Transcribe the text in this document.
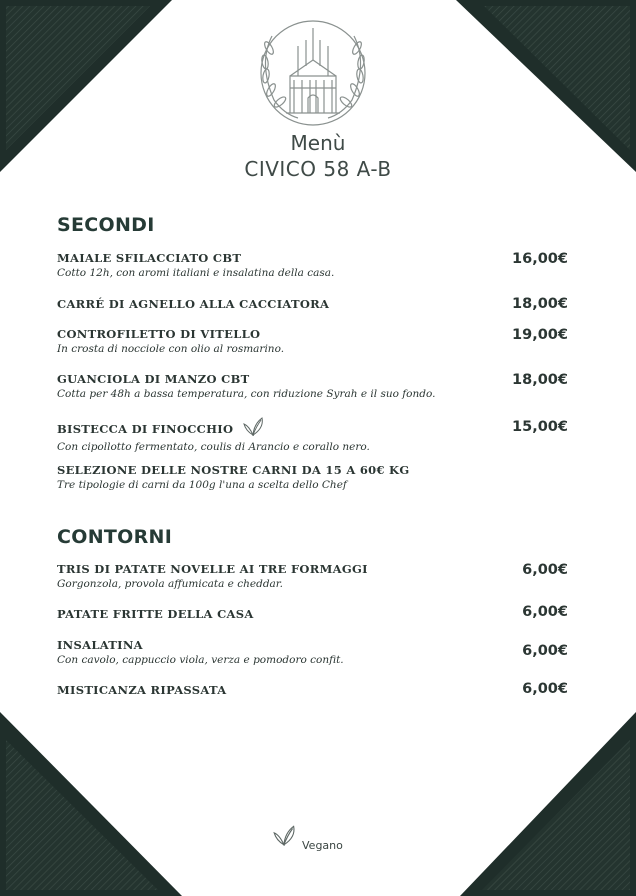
Menù
CIVICO 58 A-B
SECONDI
MAIALE SFILACCIATO CBT
Cotto 12h, con aromi italiani e insalatina della casa.
16,00€
CARRÉ DI AGNELLO ALLA CACCIATORA	18,00€
CONTROFILETTO DI VITELLO
In crosta di nocciole con olio al rosmarino.
19,00€
GUANCIOLA DI MANZO CBT
Cotta per 48h a bassa temperatura, con riduzione Syrah e il suo fondo.
18,00€
BISTECCA DI FINOCCHIO
Con cipollotto fermentato, coulis di Arancio e corallo nero.
15,00€
SELEZIONE DELLE NOSTRE CARNI DA 15 A 60€ KG
Tre tipologie di carni da 100g l'una a scelta dello Chef
CONTORNI
TRIS DI PATATE NOVELLE AI TRE FORMAGGI
Gorgonzola, provola affumicata e cheddar.
6,00€
PATATE FRITTE DELLA CASA	6,00€
INSALATINA
Con cavolo, cappuccio viola, verza e pomodoro confit.
6,00€
MISTICANZA RIPASSATA	6,00€
Vegano
